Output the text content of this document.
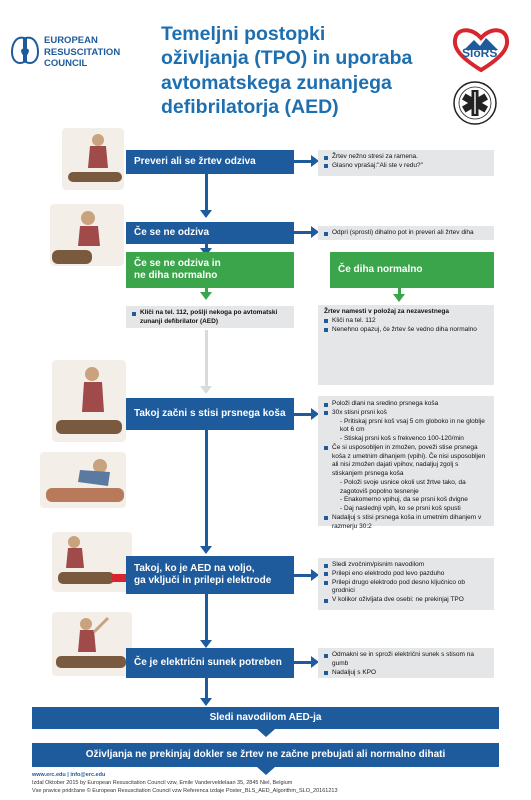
EUROPEAN
RESUSCITATION
COUNCIL
Temeljni postopki
oživljanja (TPO) in uporaba
avtomatskega zunanjega
defibrilatorja (AED)
SloRS
Preveri ali se žrtev odziva	Žrtev nežno stresi za ramena.
Glasno vprašaj:"Ali ste v redu?"
Če se ne odziva	Odpri (sprosti) dihalno pot in preveri ali žrtev diha
Če se ne odziva in
ne diha normalno
Če diha normalno
Kliči na tel. 112, pošlji nekoga po avtomatski
zunanji defibrilator (AED)
Žrtev namesti v položaj za nezavestnega
Kliči na tel. 112
Nenehno opazuj, če žrtev še vedno diha normalno
Takoj začni s stisi prsnega koša
Položi dlani na sredino prsnega koša
30x stisni prsni koš
- Pritiskaj prsni koš vsaj 5 cm globoko in ne globlje kot 6 cm
- Stiskaj prsni koš s frekvenco 100-120/min
Če si usposobljen in zmožen, poveži stise prsnega koša z umetnim dihanjem (vpihi). Če nisi usposobljen ali nisi zmožen dajati vpihov, nadaljuj zgolj s stiskanjem prsnega koša
- Položi svoje usnice okoli ust žrtve tako, da zagotoviš popolno tesnenje
- Enakomerno vpihuj, da se prsni koš dvigne
- Daj naslednji vpih, ko se prsni koš spusti
Nadaljuj s stisi prsnega koša in umetnim dihanjem v razmerju 30:2
Takoj, ko je AED na voljo,
ga vključi in prilepi elektrode
Sledi zvočnim/pisnim navodilom
Prilepi eno elektrodo pod levo pazduho
Prilepi drugo elektrodo pod desno ključnico ob grodnici
V kolikor oživljata dve osebi: ne prekinjaj TPO
Če je električni sunek potreben
Odmakni se in sproži električni sunek s stisom na gumb
Nadaljuj s KPO
Sledi navodilom AED-ja
Oživljanja ne prekinjaj dokler se žrtev ne začne prebujati ali normalno dihati
www.erc.edu | info@erc.edu
Izdal Oktober 2015 by European Resuscitation Council vzw, Emile Vanderveldelaan 35, 2845 Niel, Belgium
Vse pravice pridržane © European Resuscitation Council vzw Referenca izdaje Poster_BLS_AED_Algorithm_SLO_20161213
